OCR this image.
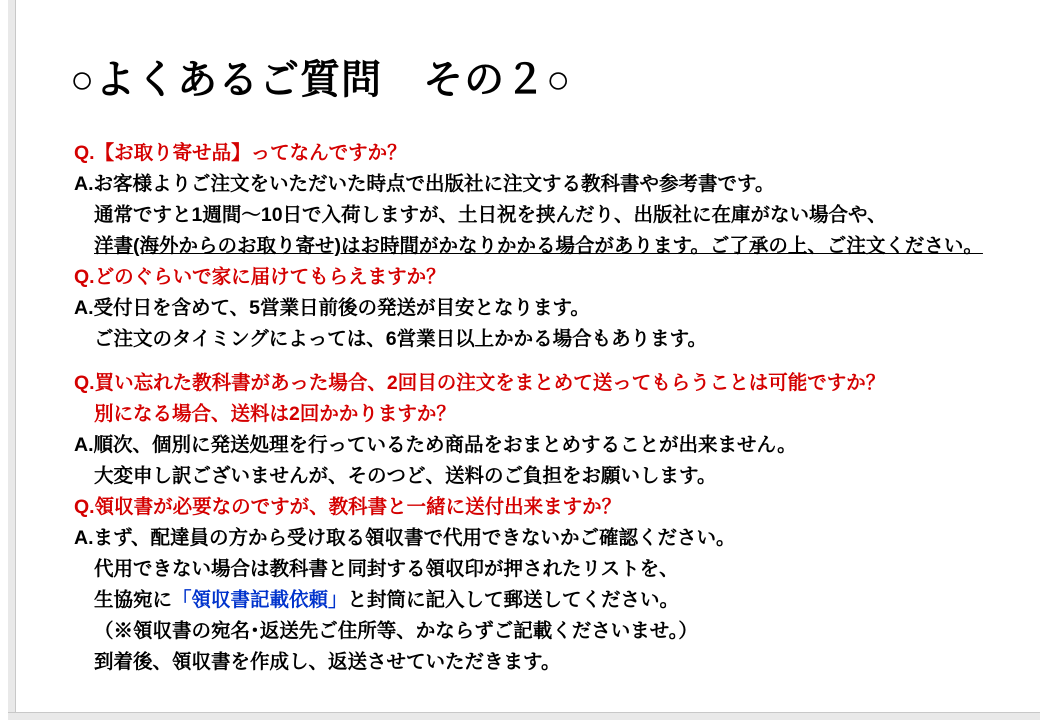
○よくあるご質問　その２○
Q.【お取り寄せ品】ってなんですか？
A.お客様よりご注文をいただいた時点で出版社に注文する教科書や参考書です。
通常ですと1週間～10日で入荷しますが、土日祝を挟んだり、出版社に在庫がない場合や、
洋書(海外からのお取り寄せ)はお時間がかなりかかる場合があります。ご了承の上、ご注文ください。
Q.どのぐらいで家に届けてもらえますか？
A.受付日を含めて、5営業日前後の発送が目安となります。
ご注文のタイミングによっては、6営業日以上かかる場合もあります。
Q.買い忘れた教科書があった場合、2回目の注文をまとめて送ってもらうことは可能ですか？
別になる場合、送料は2回かかりますか？
A.順次、個別に発送処理を行っているため商品をおまとめすることが出来ません。
大変申し訳ございませんが、そのつど、送料のご負担をお願いします。
Q.領収書が必要なのですが、教科書と一緒に送付出来ますか？
A.まず、配達員の方から受け取る領収書で代用できないかご確認ください。
代用できない場合は教科書と同封する領収印が押されたリストを、
生協宛に「領収書記載依頼」と封筒に記入して郵送してください。
（※領収書の宛名･返送先ご住所等、かならずご記載くださいませ。）
到着後、領収書を作成し、返送させていただきます。
